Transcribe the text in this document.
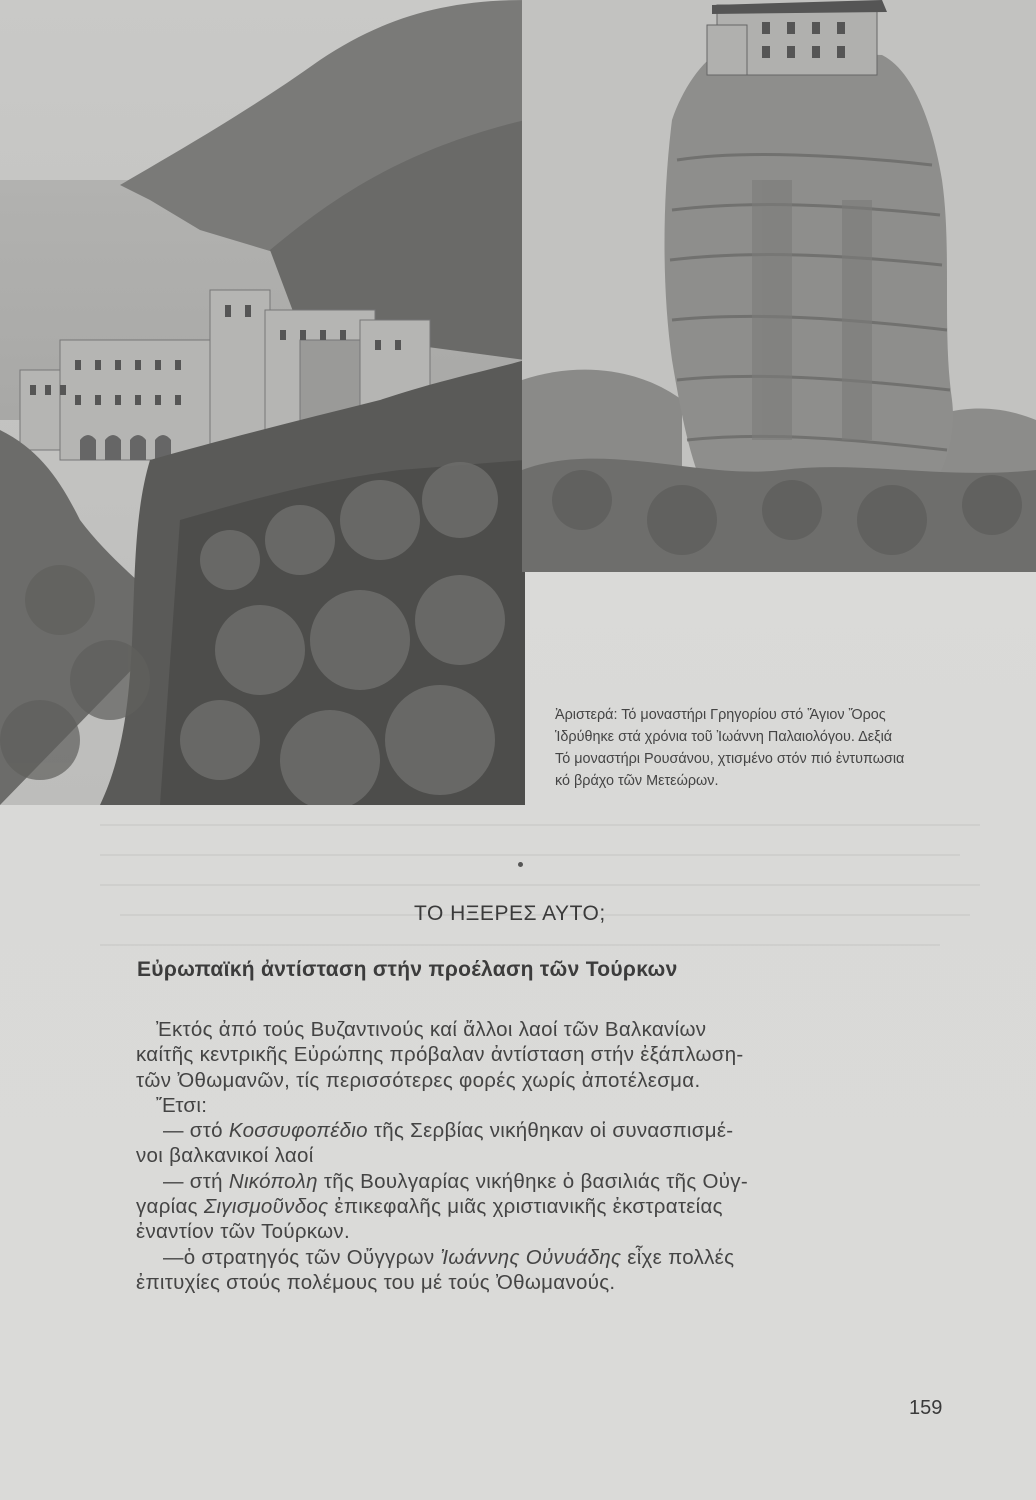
Ἀριστερά: Τό μοναστήρι Γρηγορίου στό Ἅγιον Ὄρος
Ἱδρύθηκε στά χρόνια τοῦ Ἰωάννη Παλαιολόγου. Δεξιά
Τό μοναστήρι Ρουσάνου, χτισμένο στόν πιό ἐντυπωσια
κό βράχο τῶν Μετεώρων.
ΤΟ ΗΞΕΡΕΣ ΑΥΤΟ;
Εὐρωπαϊκή ἀντίσταση στήν προέλαση τῶν Τούρκων
Ἐκτός ἀπό τούς Βυζαντινούς καί ἄλλοι λαοί τῶν Βαλκανίων
καίτῆς κεντρικῆς Εὐρώπης πρόβαλαν ἀντίσταση στήν ἐξάπλωση-
τῶν Ὀθωμανῶν, τίς περισσότερες φορές χωρίς ἀποτέλεσμα.
Ἔτσι:
— στό Κοσσυφοπέδιο τῆς Σερβίας νικήθηκαν οἱ συνασπισμέ-
νοι βαλκανικοί λαοί
— στή Νικόπολη τῆς Βουλγαρίας νικήθηκε ὁ βασιλιάς τῆς Οὐγ-
γαρίας Σιγισμοῦνδος ἐπικεφαλῆς μιᾶς χριστιανικῆς ἐκστρατείας
ἐναντίον τῶν Τούρκων.
—ὁ στρατηγός τῶν Οὔγγρων Ἰωάννης Οὐνυάδης εἶχε πολλές
ἐπιτυχίες στούς πολέμους του μέ τούς Ὀθωμανούς.
159
